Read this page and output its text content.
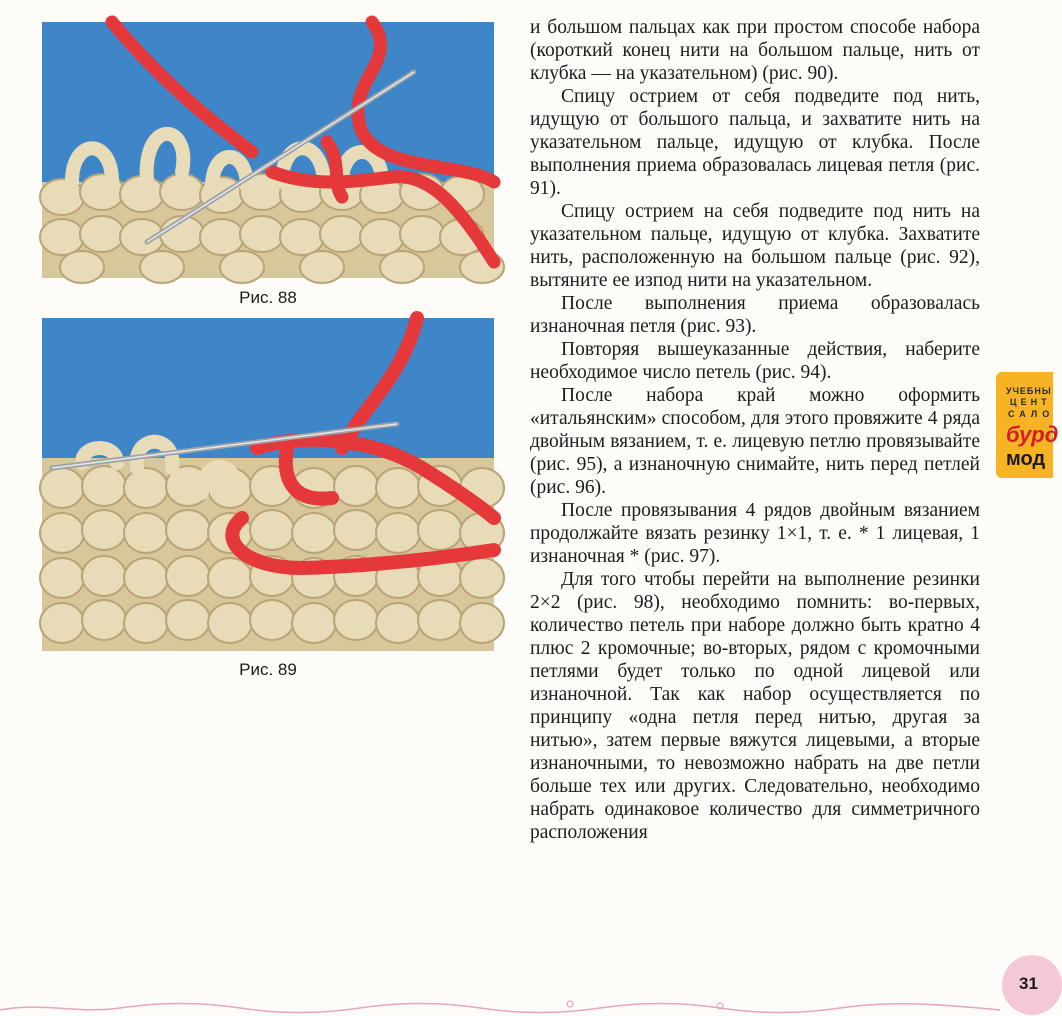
Рис. 88
Рис. 89

и большом пальцах как при простом способе набора (короткий конец нити на большом пальце, нить от клубка — на указательном) (рис. 90).

Спицу острием от себя подведите под нить, идущую от большого пальца, и захватите нить на указательном пальце, идущую от клубка. После выполнения приема образовалась лицевая петля (рис. 91).

Спицу острием на себя подведите под нить на указательном пальце, идущую от клубка. Захватите нить, расположенную на большом пальце (рис. 92), вытяните ее изпод нити на указательном.

После выполнения приема образовалась изнаночная петля (рис. 93).

Повторяя вышеуказанные действия, наберите необходимое число петель (рис. 94).

После набора край можно оформить «итальянским» способом, для этого провяжите 4 ряда двойным вязанием, т. е. лицевую петлю провязывайте (рис. 95), а изнаночную снимайте, нить перед петлей (рис. 96).

После провязывания 4 рядов двойным вязанием продолжайте вязать резинку 1×1, т. е. * 1 лицевая, 1 изнаночная * (рис. 97).

Для того чтобы перейти на выполнение резинки 2×2 (рис. 98), необходимо помнить: во-первых, количество петель при наборе должно быть кратно 4 плюс 2 кромочные; во-вторых, рядом с кромочными петлями будет только по одной лицевой или изнаночной. Так как набор осуществляется по принципу «одна петля перед нитью, другая за нитью», затем первые вяжутся лицевыми, а вторые изнаночными, то невозможно набрать на две петли больше тех или других. Следовательно, необходимо набрать одинаковое количество для симметричного расположения

УЧЕБНЫ
ЦЕНТ
САЛО
бурд
мод
31
